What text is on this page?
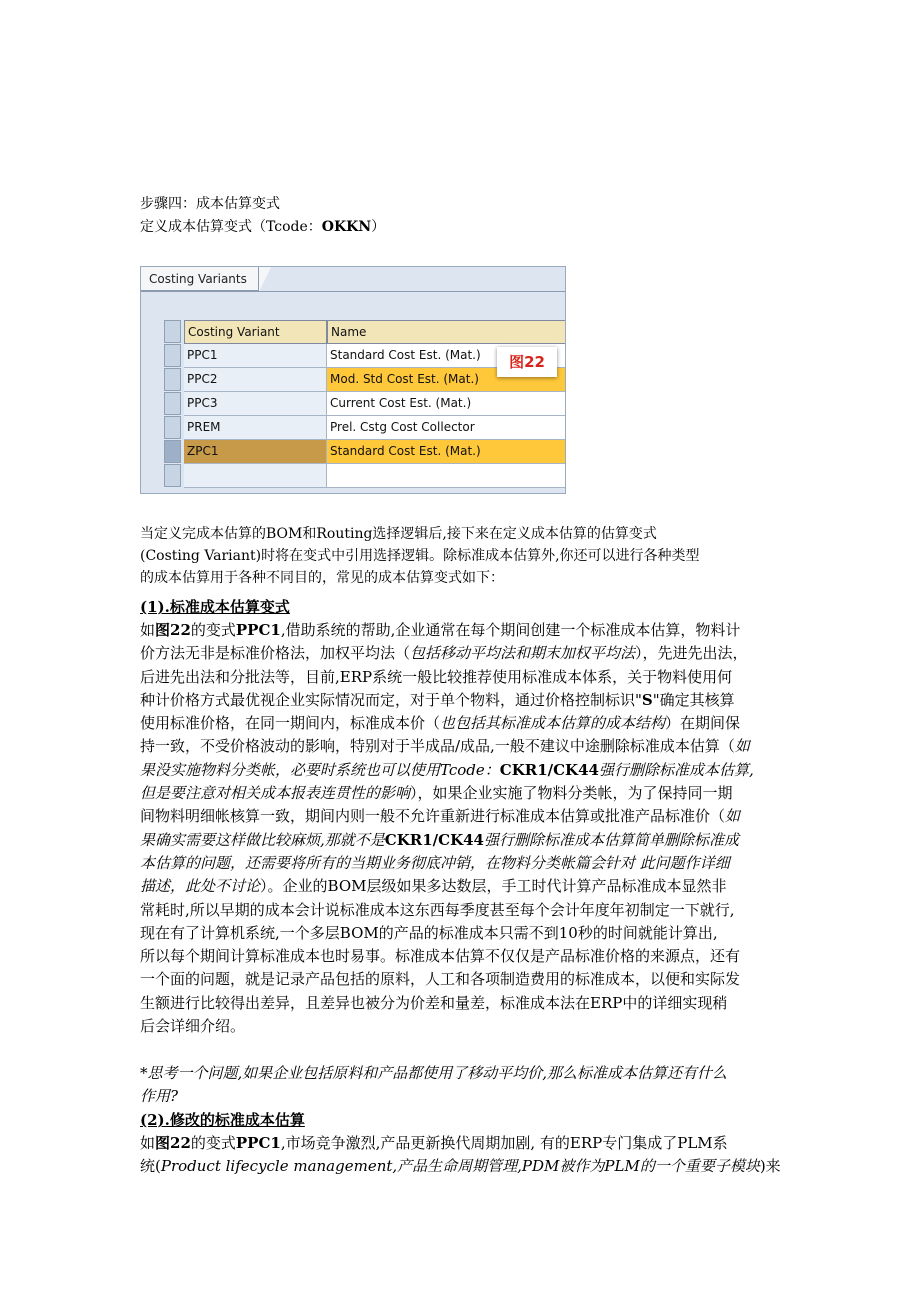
步骤四：成本估算变式
定义成本估算变式（Tcode：OKKN）
Costing Variants
Costing Variant	Name
PPC1	Standard Cost Est. (Mat.)
PPC2	Mod. Std Cost Est. (Mat.)
PPC3	Current Cost Est. (Mat.)
PREM	Prel. Cstg Cost Collector
ZPC1	Standard Cost Est. (Mat.)
图22
当定义完成本估算的BOM和Routing选择逻辑后,接下来在定义成本估算的估算变式
(Costing Variant)时将在变式中引用选择逻辑。除标准成本估算外,你还可以进行各种类型
的成本估算用于各种不同目的，常见的成本估算变式如下：
(1).标准成本估算变式
如图22的变式PPC1,借助系统的帮助,企业通常在每个期间创建一个标准成本估算，物料计
价方法无非是标准价格法，加权平均法（包括移动平均法和期末加权平均法），先进先出法，
后进先出法和分批法等，目前,ERP系统一般比较推荐使用标准成本体系，关于物料使用何
种计价格方式最优视企业实际情况而定，对于单个物料，通过价格控制标识"S"确定其核算
使用标准价格，在同一期间内，标准成本价（也包括其标准成本估算的成本结构）在期间保
持一致，不受价格波动的影响，特别对于半成品/成品,一般不建议中途删除标准成本估算（如
果没实施物料分类帐，必要时系统也可以使用Tcode：CKR1/CK44强行删除标准成本估算,
但是要注意对相关成本报表连贯性的影响），如果企业实施了物料分类帐，为了保持同一期
间物料明细帐核算一致，期间内则一般不允许重新进行标准成本估算或批准产品标准价（如
果确实需要这样做比较麻烦,那就不是CKR1/CK44强行删除标准成本估算简单删除标准成
本估算的问题，还需要将所有的当期业务彻底冲销，在物料分类帐篇会针对 此问题作详细
描述，此处不讨论）。企业的BOM层级如果多达数层，手工时代计算产品标准成本显然非
常耗时,所以早期的成本会计说标准成本这东西每季度甚至每个会计年度年初制定一下就行,
现在有了计算机系统,一个多层BOM的产品的标准成本只需不到10秒的时间就能计算出,
所以每个期间计算标准成本也时易事。标准成本估算不仅仅是产品标准价格的来源点，还有
一个面的问题，就是记录产品包括的原料，人工和各项制造费用的标准成本，以便和实际发
生额进行比较得出差异，且差异也被分为价差和量差，标准成本法在ERP中的详细实现稍
后会详细介绍。
*思考一个问题,如果企业包括原料和产品都使用了移动平均价,那么标准成本估算还有什么
作用?
(2).修改的标准成本估算
如图22的变式PPC1,市场竞争激烈,产品更新换代周期加剧, 有的ERP专门集成了PLM系
统(Product lifecycle management,产品生命周期管理,PDM被作为PLM的一个重要子模块)来
